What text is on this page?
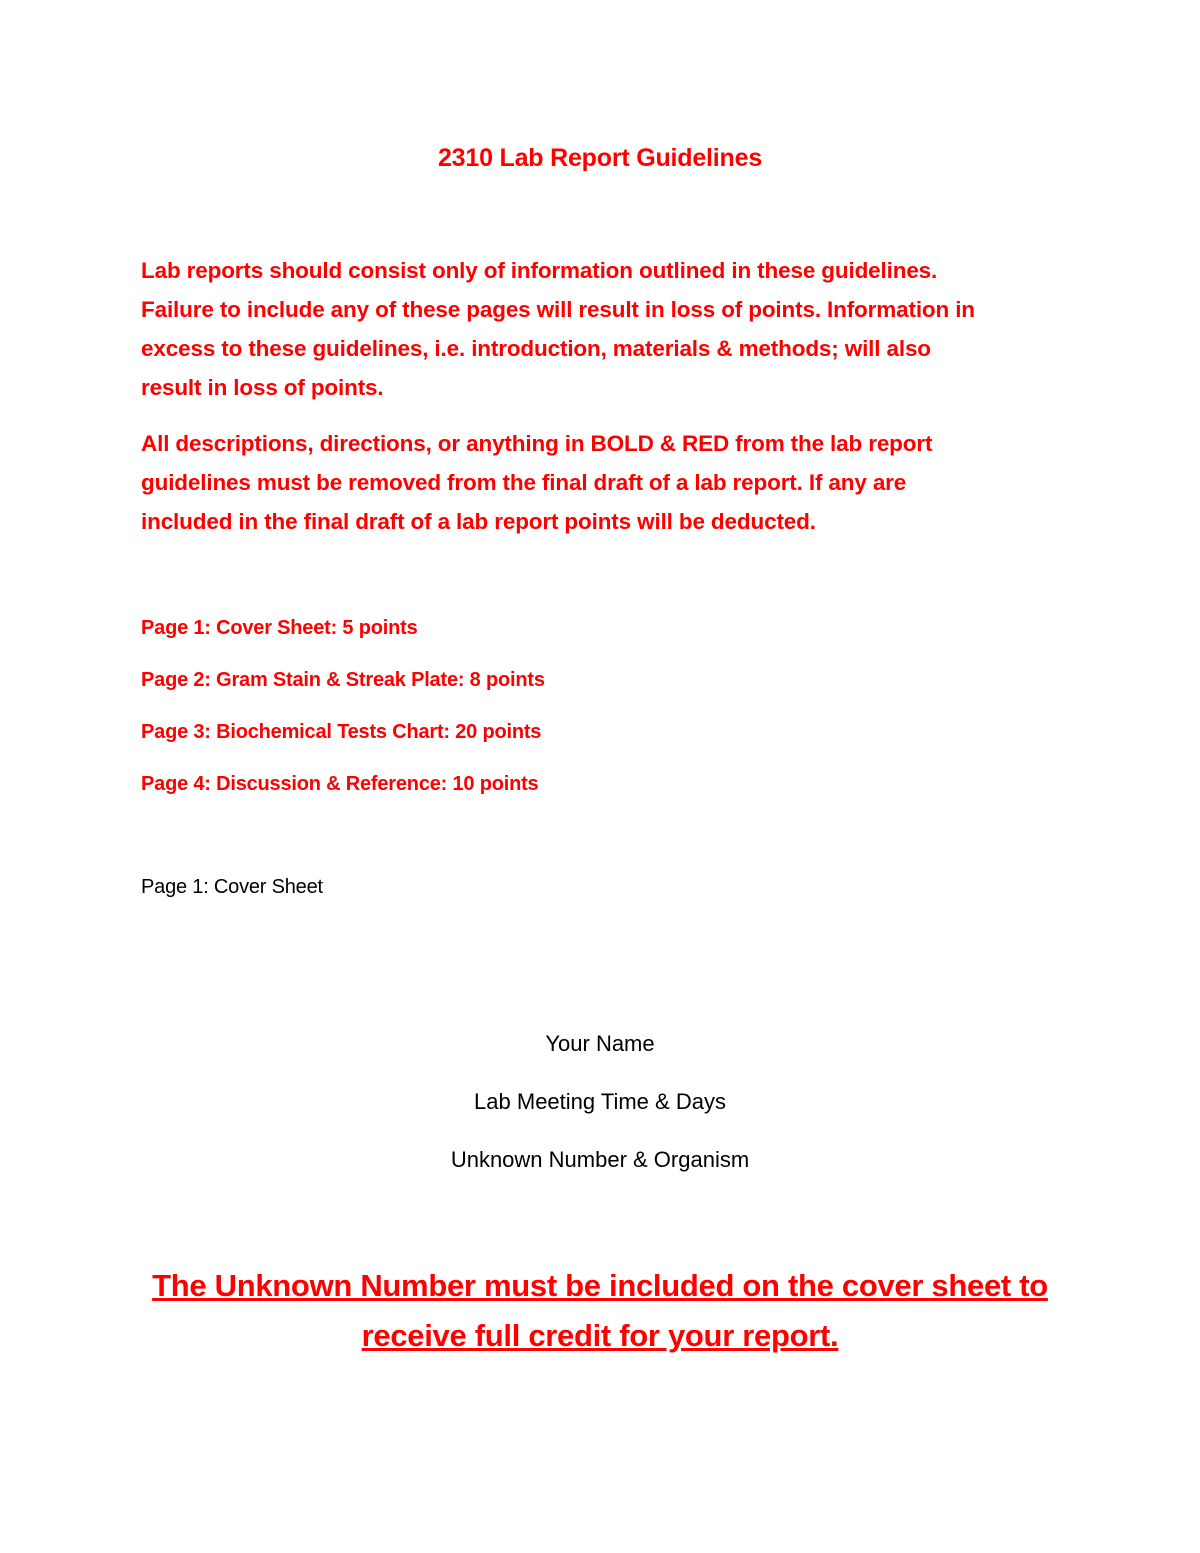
2310 Lab Report Guidelines
Lab reports should consist only of information outlined in these guidelines.
Failure to include any of these pages will result in loss of points. Information in
excess to these guidelines, i.e. introduction, materials & methods; will also
result in loss of points.
All descriptions, directions, or anything in BOLD & RED from the lab report
guidelines must be removed from the final draft of a lab report. If any are
included in the final draft of a lab report points will be deducted.
Page 1: Cover Sheet: 5 points
Page 2: Gram Stain & Streak Plate: 8 points
Page 3: Biochemical Tests Chart: 20 points
Page 4: Discussion & Reference: 10 points
Page 1: Cover Sheet
Your Name
Lab Meeting Time & Days
Unknown Number & Organism
The Unknown Number must be included on the cover sheet to
receive full credit for your report.
